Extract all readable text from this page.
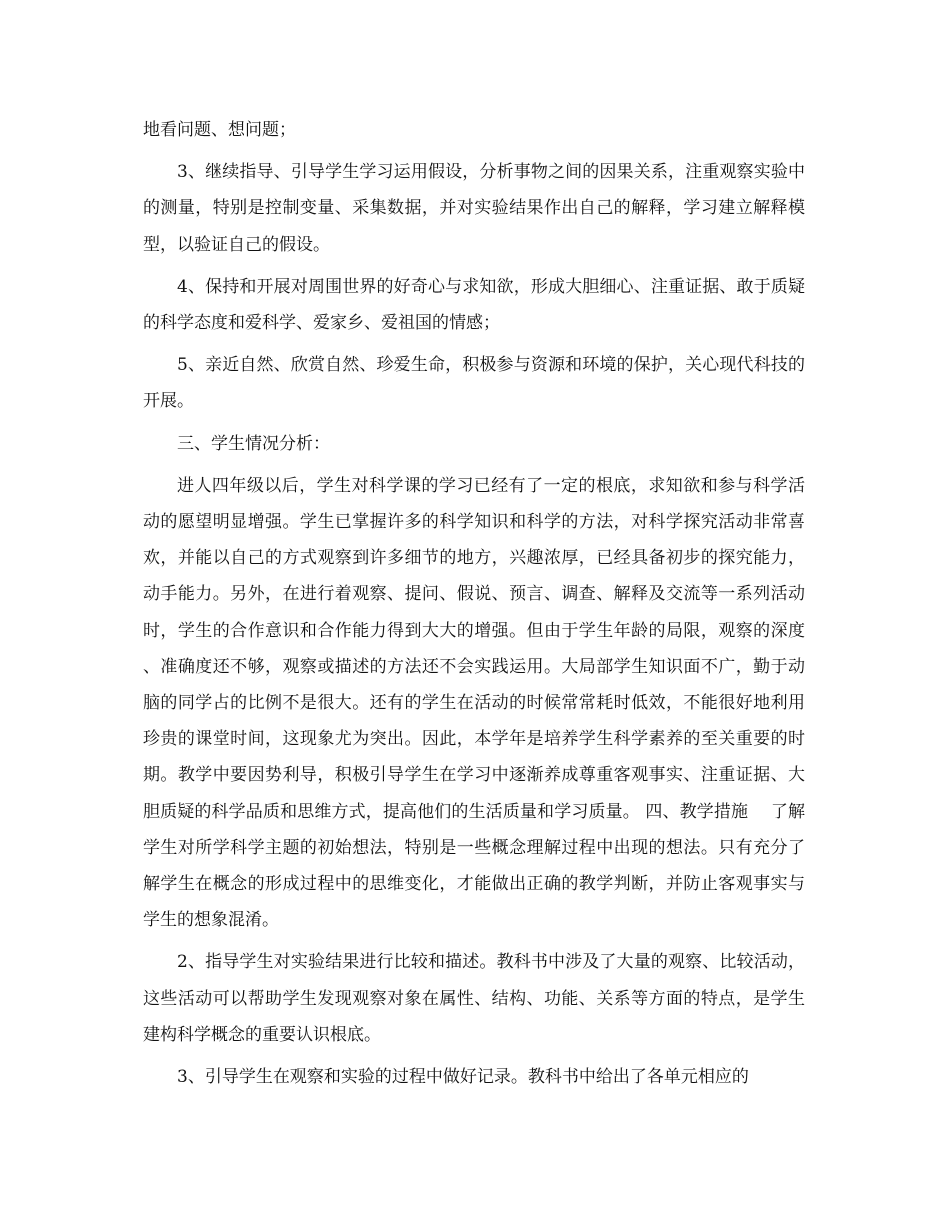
地看问题、想问题；

3、继续指导、引导学生学习运用假设，分析事物之间的因果关系，注重观察实验中的测量，特别是控制变量、采集数据，并对实验结果作出自己的解释，学习建立解释模型，以验证自己的假设。

4、保持和开展对周围世界的好奇心与求知欲，形成大胆细心、注重证据、敢于质疑的科学态度和爱科学、爱家乡、爱祖国的情感；

5、亲近自然、欣赏自然、珍爱生命，积极参与资源和环境的保护，关心现代科技的开展。

三、学生情况分析：

进人四年级以后，学生对科学课的学习已经有了一定的根底，求知欲和参与科学活动的愿望明显增强。学生已掌握许多的科学知识和科学的方法，对科学探究活动非常喜欢，并能以自己的方式观察到许多细节的地方，兴趣浓厚，已经具备初步的探究能力，动手能力。另外，在进行着观察、提问、假说、预言、调查、解释及交流等一系列活动时，学生的合作意识和合作能力得到大大的增强。但由于学生年龄的局限，观察的深度、准确度还不够，观察或描述的方法还不会实践运用。大局部学生知识面不广，勤于动脑的同学占的比例不是很大。还有的学生在活动的时候常常耗时低效，不能很好地利用珍贵的课堂时间，这现象尤为突出。因此，本学年是培养学生科学素养的至关重要的时期。教学中要因势利导，积极引导学生在学习中逐渐养成尊重客观事实、注重证据、大胆质疑的科学品质和思维方式，提高他们的生活质量和学习质量。 四、教学措施　 了解学生对所学科学主题的初始想法，特别是一些概念理解过程中出现的想法。只有充分了解学生在概念的形成过程中的思维变化，才能做出正确的教学判断，并防止客观事实与学生的想象混淆。

2、指导学生对实验结果进行比较和描述。教科书中涉及了大量的观察、比较活动，这些活动可以帮助学生发现观察对象在属性、结构、功能、关系等方面的特点，是学生建构科学概念的重要认识根底。

3、引导学生在观察和实验的过程中做好记录。教科书中给出了各单元相应的
